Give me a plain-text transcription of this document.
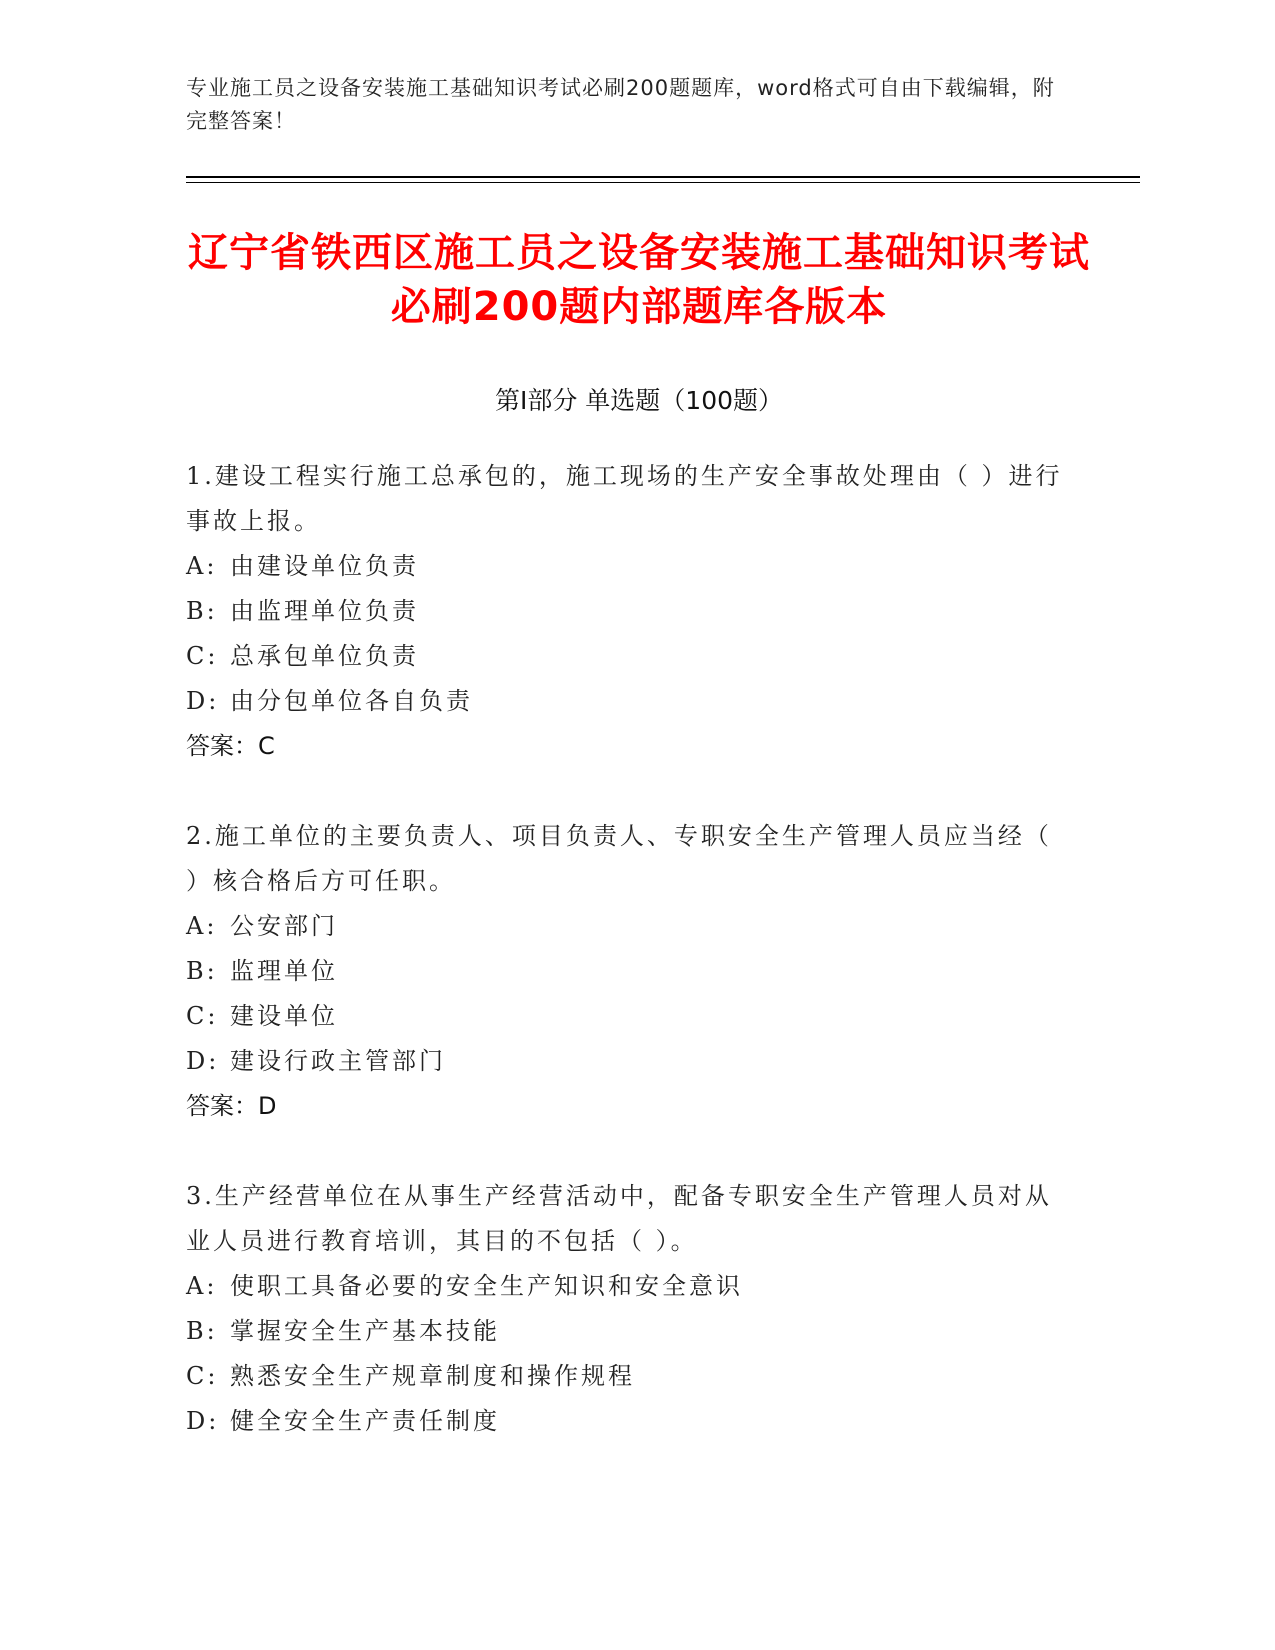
专业施工员之设备安装施工基础知识考试必刷200题题库，word格式可自由下载编辑，附完整答案！
辽宁省铁西区施工员之设备安装施工基础知识考试必刷200题内部题库各版本
第Ⅰ部分 单选题（100题）
1.建设工程实行施工总承包的，施工现场的生产安全事故处理由（ ）进行事故上报。
A: 由建设单位负责
B: 由监理单位负责
C: 总承包单位负责
D: 由分包单位各自负责
答案：C
2.施工单位的主要负责人、项目负责人、专职安全生产管理人员应当经（ ）核合格后方可任职。
A: 公安部门
B: 监理单位
C: 建设单位
D: 建设行政主管部门
答案：D
3.生产经营单位在从事生产经营活动中，配备专职安全生产管理人员对从业人员进行教育培训，其目的不包括（ ）。
A: 使职工具备必要的安全生产知识和安全意识
B: 掌握安全生产基本技能
C: 熟悉安全生产规章制度和操作规程
D: 健全安全生产责任制度
